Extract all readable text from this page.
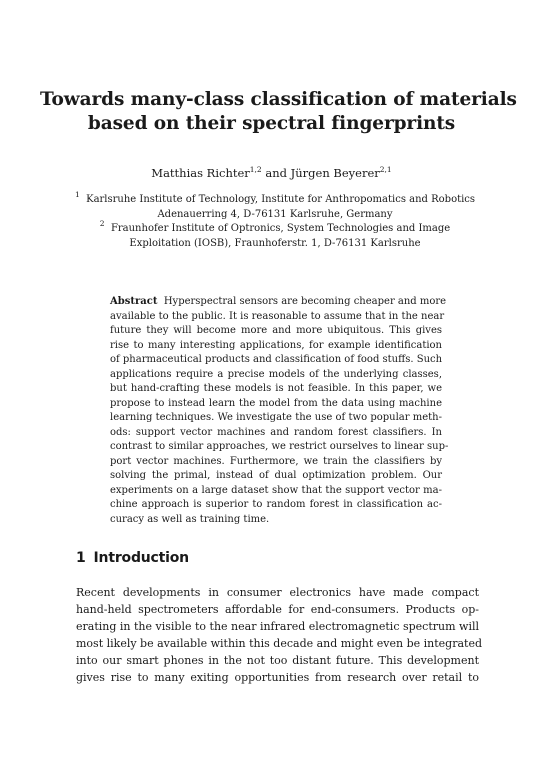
Towards many-class classification of materials
based on their spectral fingerprints
Matthias Richter$^{1,2}$ and Jürgen Beyerer$^{2,1}$
$^1$ Karlsruhe Institute of Technology, Institute for Anthropomatics and Robotics
Adenauerring 4, D-76131 Karlsruhe, Germany
$^2$ Fraunhofer Institute of Optronics, System Technologies and Image
Exploitation (IOSB), Fraunhoferstr. 1, D-76131 Karlsruhe
Abstract Hyperspectral sensors are becoming cheaper and more
available to the public. It is reasonable to assume that in the near
future they will become more and more ubiquitous. This gives
rise to many interesting applications, for example identification
of pharmaceutical products and classification of food stuffs. Such
applications require a precise models of the underlying classes,
but hand-crafting these models is not feasible. In this paper, we
propose to instead learn the model from the data using machine
learning techniques. We investigate the use of two popular meth-
ods: support vector machines and random forest classifiers. In
contrast to similar approaches, we restrict ourselves to linear sup-
port vector machines. Furthermore, we train the classifiers by
solving the primal, instead of dual optimization problem. Our
experiments on a large dataset show that the support vector ma-
chine approach is superior to random forest in classification ac-
curacy as well as training time.
1 Introduction
Recent developments in consumer electronics have made compact
hand-held spectrometers affordable for end-consumers. Products op-
erating in the visible to the near infrared electromagnetic spectrum will
most likely be available within this decade and might even be integrated
into our smart phones in the not too distant future. This development
gives rise to many exiting opportunities from research over retail to
